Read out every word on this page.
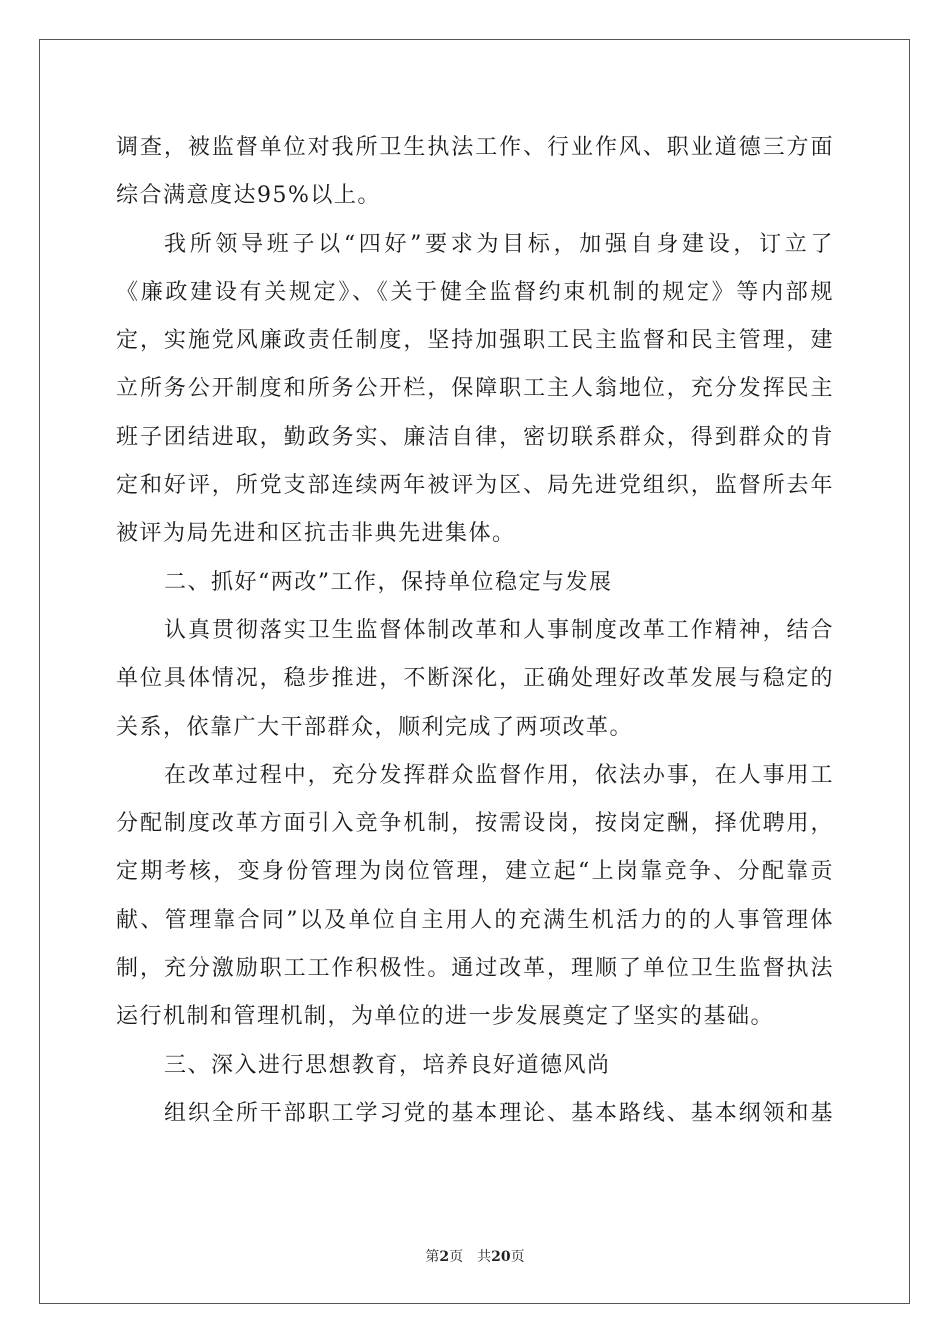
调查，被监督单位对我所卫生执法工作、行业作风、职业道德三方面
综合满意度达95%以上。
我所领导班子以“四好”要求为目标，加强自身建设，订立了
《廉政建设有关规定》、《关于健全监督约束机制的规定》等内部规
定，实施党风廉政责任制度，坚持加强职工民主监督和民主管理，建
立所务公开制度和所务公开栏，保障职工主人翁地位，充分发挥民主
班子团结进取，勤政务实、廉洁自律，密切联系群众，得到群众的肯
定和好评，所党支部连续两年被评为区、局先进党组织，监督所去年
被评为局先进和区抗击非典先进集体。
二、抓好“两改”工作，保持单位稳定与发展
认真贯彻落实卫生监督体制改革和人事制度改革工作精神，结合
单位具体情况，稳步推进，不断深化，正确处理好改革发展与稳定的
关系，依靠广大干部群众，顺利完成了两项改革。
在改革过程中，充分发挥群众监督作用，依法办事，在人事用工
分配制度改革方面引入竞争机制，按需设岗，按岗定酬，择优聘用，
定期考核，变身份管理为岗位管理，建立起“上岗靠竞争、分配靠贡
献、管理靠合同”以及单位自主用人的充满生机活力的的人事管理体
制，充分激励职工工作积极性。通过改革，理顺了单位卫生监督执法
运行机制和管理机制，为单位的进一步发展奠定了坚实的基础。
三、深入进行思想教育，培养良好道德风尚
组织全所干部职工学习党的基本理论、基本路线、基本纲领和基
第2页 共20页
